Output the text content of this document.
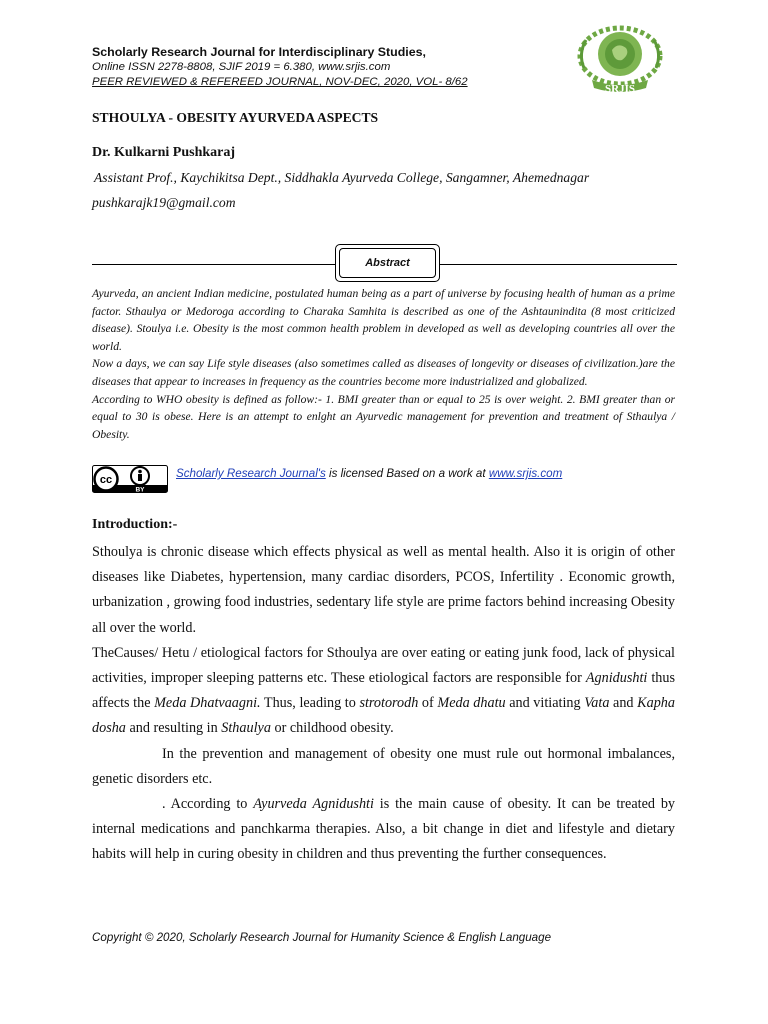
Scholarly Research Journal for Interdisciplinary Studies,
Online ISSN 2278-8808, SJIF 2019 = 6.380, www.srjis.com
PEER REVIEWED & REFEREED JOURNAL, NOV-DEC, 2020, VOL- 8/62
SRJIS
STHOULYA - OBESITY AYURVEDA ASPECTS
Dr. Kulkarni Pushkaraj
Assistant Prof., Kaychikitsa Dept., Siddhakla Ayurveda College, Sangamner, Ahemednagar
pushkarajk19@gmail.com
Abstract

Ayurveda, an ancient Indian medicine, postulated human being as a part of universe by focusing health of human as a prime factor. Sthaulya or Medoroga according to Charaka Samhita is described as one of the Ashtaunindita (8 most criticized disease). Stoulya i.e. Obesity is the most common health problem in developed as well as developing countries all over the world.

Now a days, we can say Life style diseases (also sometimes called as diseases of longevity or diseases of civilization.)are the diseases that appear to increases in frequency as the countries become more industrialized and globalized.

According to WHO obesity is defined as follow:- 1. BMI greater than or equal to 25 is over weight. 2. BMI greater than or equal to 30 is obese. Here is an attempt to enlght an Ayurvedic management for prevention and treatment of Sthaulya / Obesity.

cc
BY
Scholarly Research Journal's is licensed Based on a work at www.srjis.com
Introduction:-

Sthoulya is chronic disease which effects physical as well as mental health. Also it is origin of other diseases like Diabetes, hypertension, many cardiac disorders, PCOS, Infertility . Economic growth, urbanization , growing food industries, sedentary life style are prime factors behind increasing Obesity all over the world.

TheCauses/ Hetu / etiological factors for Sthoulya are over eating or eating junk food, lack of physical activities, improper sleeping patterns etc. These etiological factors are responsible for Agnidushti thus affects the Meda Dhatvaagni. Thus, leading to strotorodh of Meda dhatu and vitiating Vata and Kapha dosha and resulting in Sthaulya or childhood obesity.

In the prevention and management of obesity one must rule out hormonal imbalances, genetic disorders etc.

. According to Ayurveda Agnidushti is the main cause of obesity. It can be treated by internal medications and panchkarma therapies. Also, a bit change in diet and lifestyle and dietary habits will help in curing obesity in children and thus preventing the further consequences.

Copyright © 2020, Scholarly Research Journal for Humanity Science & English Language
